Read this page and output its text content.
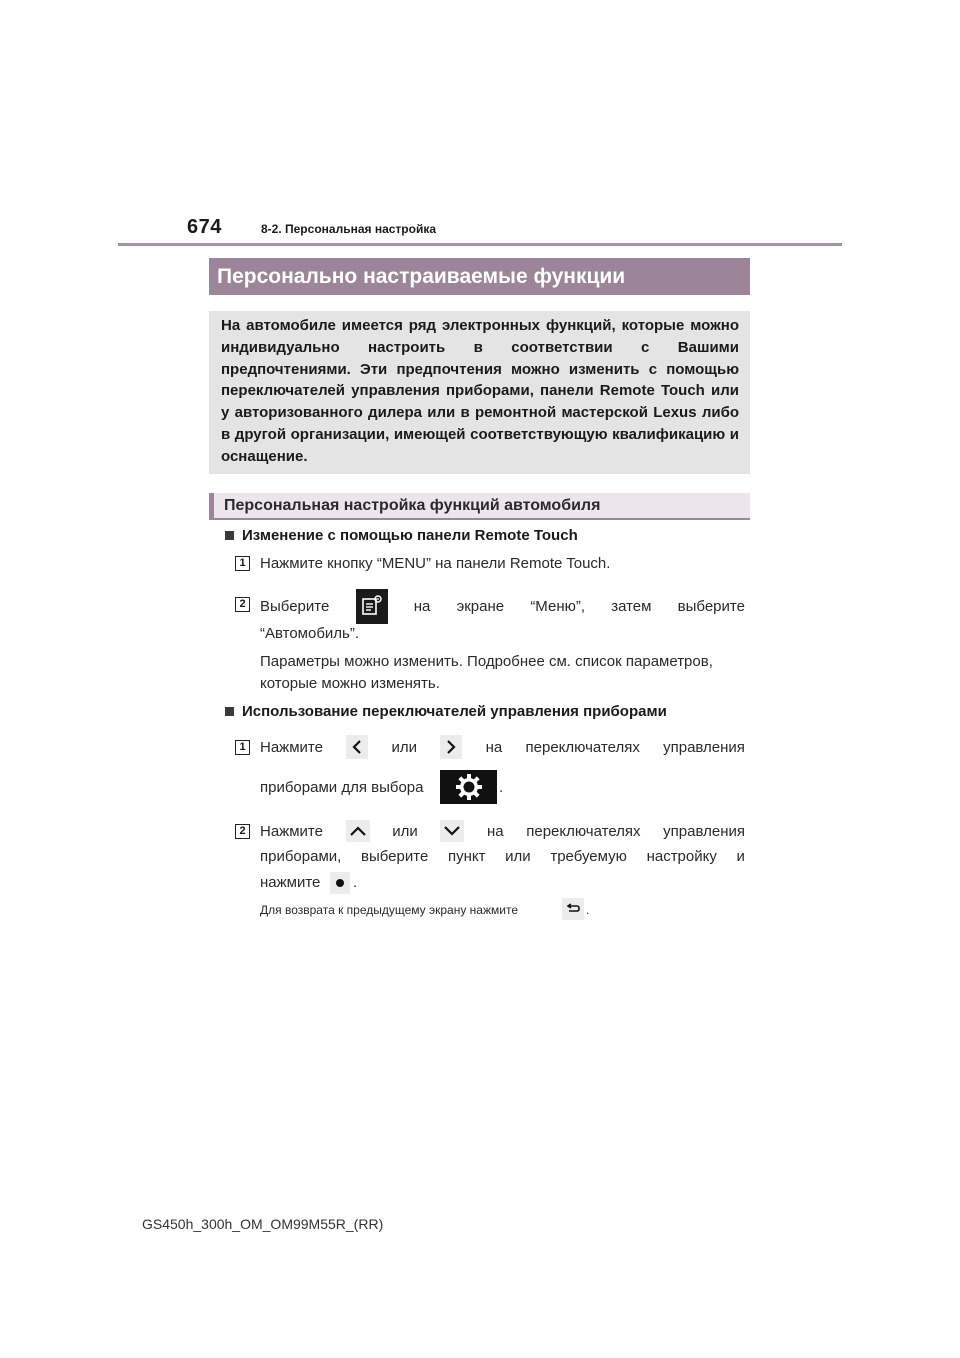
674	8-2. Персональная настройка
Персонально настраиваемые функции
На автомобиле имеется ряд электронных функций, которые можно индивидуально настроить в соответствии с Вашими предпочтениями. Эти предпочтения можно изменить с помощью переключателей управления приборами, панели Remote Touch или у авторизованного дилера или в ремонтной мастерской Lexus либо в другой организации, имеющей соответствующую квалификацию и оснащение.
Персональная настройка функций автомобиля
Изменение с помощью панели Remote Touch
1 Нажмите кнопку “MENU” на панели Remote Touch.
2 Выберите	на экране “Меню”, затем выберите
“Автомобиль”.
Параметры можно изменить. Подробнее см. список параметров,
которые можно изменять.
Использование переключателей управления приборами
1 Нажмите	или	на переключателях управления
приборами для выбора	.
2 Нажмите	или	на переключателях управления
приборами, выберите пункт или требуемую настройку и
нажмите .
Для возврата к предыдущему экрану нажмите	.
GS450h_300h_OM_OM99M55R_(RR)
